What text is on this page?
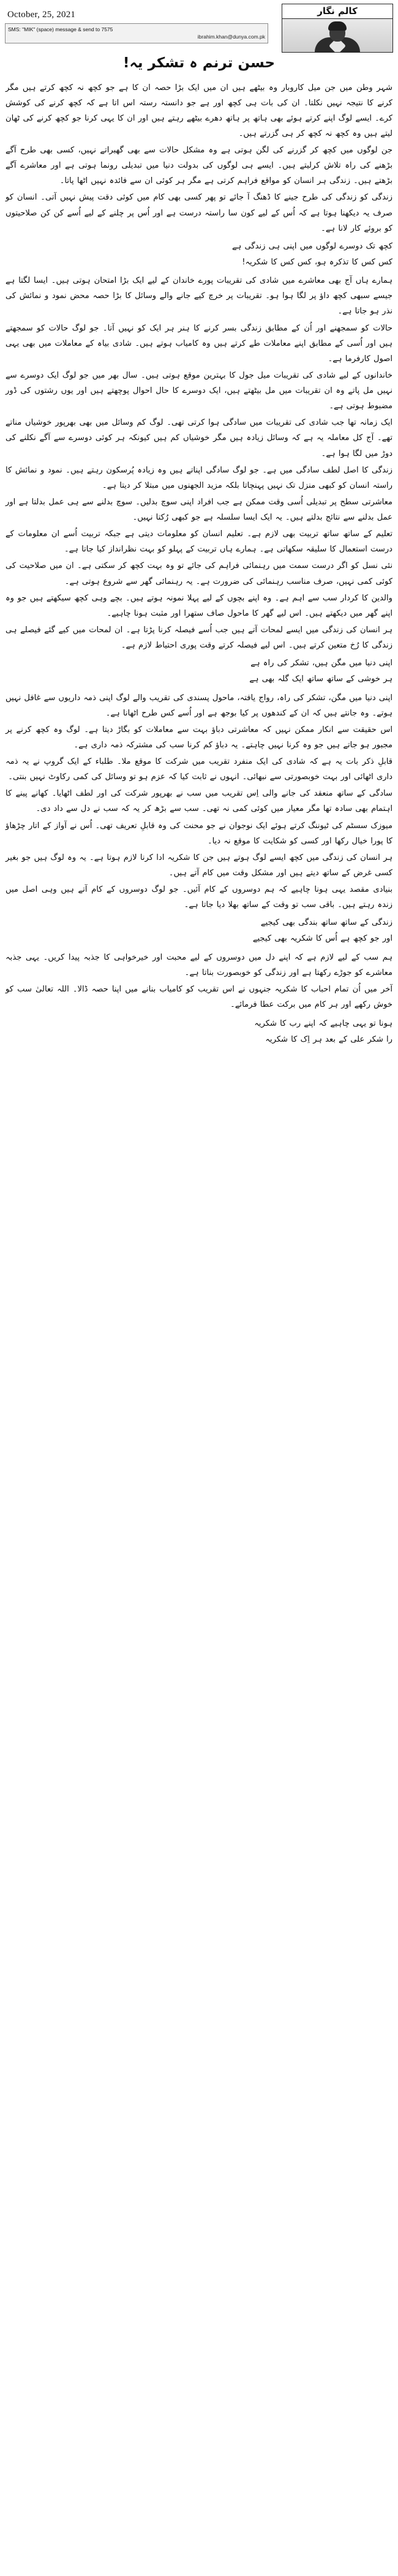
October, 25, 2021
SMS: "MIK" (space) message & send to 7575
ibrahim.khan@dunya.com.pk
کالم نگار
حسن ترنم ہ تشکر یہ!

شہر وطن میں جن میل کاروبار وہ بیٹھے ہیں ان میں ایک بڑا حصہ ان کا ہے جو کچھ نہ کچھ کرتے ہیں مگر کرنے کا نتیجہ نہیں نکلتا۔ ان کی بات ہی کچھ اور ہے جو دانستہ رستہ اس اتا ہے کہ کچھ کرنے کی کوشش کرے۔ ایسے لوگ اپنے کرتے ہوئے بھی ہاتھ پر ہاتھ دھرے بیٹھے رہتے ہیں اور ان کا یہی کرنا جو کچھ کرنے کی ٹھان لیتے ہیں وہ کچھ نہ کچھ کر ہی گزرتے ہیں۔

جن لوگوں میں کچھ کر گزرنے کی لگن ہوتی ہے وہ مشکل حالات سے بھی گھبراتے نہیں، کسی بھی طرح آگے بڑھنے کی راہ تلاش کرلیتے ہیں۔ ایسے ہی لوگوں کی بدولت دنیا میں تبدیلی رونما ہوتی ہے اور معاشرے آگے بڑھتے ہیں۔ زندگی ہر انسان کو مواقع فراہم کرتی ہے مگر ہر کوئی ان سے فائدہ نہیں اٹھا پاتا۔

زندگی کو زندگی کی طرح جینے کا ڈھنگ آ جائے تو پھر کسی بھی کام میں کوئی دقت پیش نہیں آتی۔ انسان کو صرف یہ دیکھنا ہوتا ہے کہ اُس کے لیے کون سا راستہ درست ہے اور اُس پر چلنے کے لیے اُسے کن کن صلاحیتوں کو بروئے کار لانا ہے۔

کچھ تک دوسرے لوگوں میں اپنی ہی زندگی ہے
کس کس کا تذکرہ ہو، کس کس کا شکریہ!

ہمارے ہاں آج بھی معاشرے میں شادی کی تقریبات پورے خاندان کے لیے ایک بڑا امتحان ہوتی ہیں۔ ایسا لگتا ہے جیسے سبھی کچھ داؤ پر لگا ہوا ہو۔ تقریبات پر خرچ کیے جانے والے وسائل کا بڑا حصہ محض نمود و نمائش کی نذر ہو جاتا ہے۔

حالات کو سمجھنے اور اُن کے مطابق زندگی بسر کرنے کا ہنر ہر ایک کو نہیں آتا۔ جو لوگ حالات کو سمجھتے ہیں اور اُسی کے مطابق اپنے معاملات طے کرتے ہیں وہ کامیاب ہوتے ہیں۔ شادی بیاہ کے معاملات میں بھی یہی اصول کارفرما ہے۔

خاندانوں کے لیے شادی کی تقریبات میل جول کا بہترین موقع ہوتی ہیں۔ سال بھر میں جو لوگ ایک دوسرے سے نہیں مل پاتے وہ ان تقریبات میں مل بیٹھتے ہیں، ایک دوسرے کا حال احوال پوچھتے ہیں اور یوں رشتوں کی ڈور مضبوط ہوتی ہے۔

ایک زمانہ تھا جب شادی کی تقریبات میں سادگی ہوا کرتی تھی۔ لوگ کم وسائل میں بھی بھرپور خوشیاں مناتے تھے۔ آج کل معاملہ یہ ہے کہ وسائل زیادہ ہیں مگر خوشیاں کم ہیں کیونکہ ہر کوئی دوسرے سے آگے نکلنے کی دوڑ میں لگا ہوا ہے۔

زندگی کا اصل لطف سادگی میں ہے۔ جو لوگ سادگی اپناتے ہیں وہ زیادہ پُرسکون رہتے ہیں۔ نمود و نمائش کا راستہ انسان کو کبھی منزل تک نہیں پہنچاتا بلکہ مزید الجھنوں میں مبتلا کر دیتا ہے۔

معاشرتی سطح پر تبدیلی اُسی وقت ممکن ہے جب افراد اپنی سوچ بدلیں۔ سوچ بدلنے سے ہی عمل بدلتا ہے اور عمل بدلنے سے نتائج بدلتے ہیں۔ یہ ایک ایسا سلسلہ ہے جو کبھی رُکتا نہیں۔

تعلیم کے ساتھ ساتھ تربیت بھی لازم ہے۔ تعلیم انسان کو معلومات دیتی ہے جبکہ تربیت اُسے ان معلومات کے درست استعمال کا سلیقہ سکھاتی ہے۔ ہمارے ہاں تربیت کے پہلو کو بہت نظرانداز کیا جاتا ہے۔

نئی نسل کو اگر درست سمت میں رہنمائی فراہم کی جائے تو وہ بہت کچھ کر سکتی ہے۔ ان میں صلاحیت کی کوئی کمی نہیں، صرف مناسب رہنمائی کی ضرورت ہے۔ یہ رہنمائی گھر سے شروع ہوتی ہے۔

والدین کا کردار سب سے اہم ہے۔ وہ اپنے بچوں کے لیے پہلا نمونہ ہوتے ہیں۔ بچے وہی کچھ سیکھتے ہیں جو وہ اپنے گھر میں دیکھتے ہیں۔ اس لیے گھر کا ماحول صاف ستھرا اور مثبت ہونا چاہیے۔

ہر انسان کی زندگی میں ایسے لمحات آتے ہیں جب اُسے فیصلہ کرنا پڑتا ہے۔ ان لمحات میں کیے گئے فیصلے ہی زندگی کا رُخ متعین کرتے ہیں۔ اس لیے فیصلہ کرتے وقت پوری احتیاط لازم ہے۔

اپنی دنیا میں مگن ہیں، تشکر کی راہ ہے
ہر خوشی کے ساتھ ساتھ ایک گلہ بھی ہے

اپنی دنیا میں مگن، تشکر کی راہ، رواج یافتہ، ماحول پسندی کی تقریب والے لوگ اپنی ذمہ داریوں سے غافل نہیں ہوتے۔ وہ جانتے ہیں کہ ان کے کندھوں پر کیا بوجھ ہے اور اُسے کس طرح اٹھانا ہے۔

اس حقیقت سے انکار ممکن نہیں کہ معاشرتی دباؤ بہت سے معاملات کو بگاڑ دیتا ہے۔ لوگ وہ کچھ کرنے پر مجبور ہو جاتے ہیں جو وہ کرنا نہیں چاہتے۔ یہ دباؤ کم کرنا سب کی مشترکہ ذمہ داری ہے۔

قابلِ ذکر بات یہ ہے کہ شادی کی ایک منفرد تقریب میں شرکت کا موقع ملا۔ طلباء کے ایک گروپ نے یہ ذمہ داری اٹھائی اور بہت خوبصورتی سے نبھائی۔ انہوں نے ثابت کیا کہ عزم ہو تو وسائل کی کمی رکاوٹ نہیں بنتی۔

سادگی کے ساتھ منعقد کی جانے والی اِس تقریب میں سب نے بھرپور شرکت کی اور لطف اٹھایا۔ کھانے پینے کا اہتمام بھی سادہ تھا مگر معیار میں کوئی کمی نہ تھی۔ سب سے بڑھ کر یہ کہ سب نے دل سے داد دی۔

میوزک سسٹم کی ٹیوننگ کرتے ہوئے ایک نوجوان نے جو محنت کی وہ قابلِ تعریف تھی۔ اُس نے آواز کے اتار چڑھاؤ کا پورا خیال رکھا اور کسی کو شکایت کا موقع نہ دیا۔

ہر انسان کی زندگی میں کچھ ایسے لوگ ہوتے ہیں جن کا شکریہ ادا کرنا لازم ہوتا ہے۔ یہ وہ لوگ ہیں جو بغیر کسی غرض کے ساتھ دیتے ہیں اور مشکل وقت میں کام آتے ہیں۔

بنیادی مقصد یہی ہونا چاہیے کہ ہم دوسروں کے کام آئیں۔ جو لوگ دوسروں کے کام آتے ہیں وہی اصل میں زندہ رہتے ہیں۔ باقی سب تو وقت کے ساتھ بھلا دیا جاتا ہے۔

زندگی کے ساتھ ساتھ بندگی بھی کیجیے
اور جو کچھ ہے اُس کا شکریہ بھی کیجیے

ہم سب کے لیے لازم ہے کہ اپنے دل میں دوسروں کے لیے محبت اور خیرخواہی کا جذبہ پیدا کریں۔ یہی جذبہ معاشرے کو جوڑے رکھتا ہے اور زندگی کو خوبصورت بناتا ہے۔

آخر میں اُن تمام احباب کا شکریہ جنہوں نے اس تقریب کو کامیاب بنانے میں اپنا حصہ ڈالا۔ اللہ تعالیٰ سب کو خوش رکھے اور ہر کام میں برکت عطا فرمائے۔

ہونا تو یہی چاہیے کہ اپنے رب کا شکریہ
را شکر علی کے بعد ہر اِک کا شکریہ
